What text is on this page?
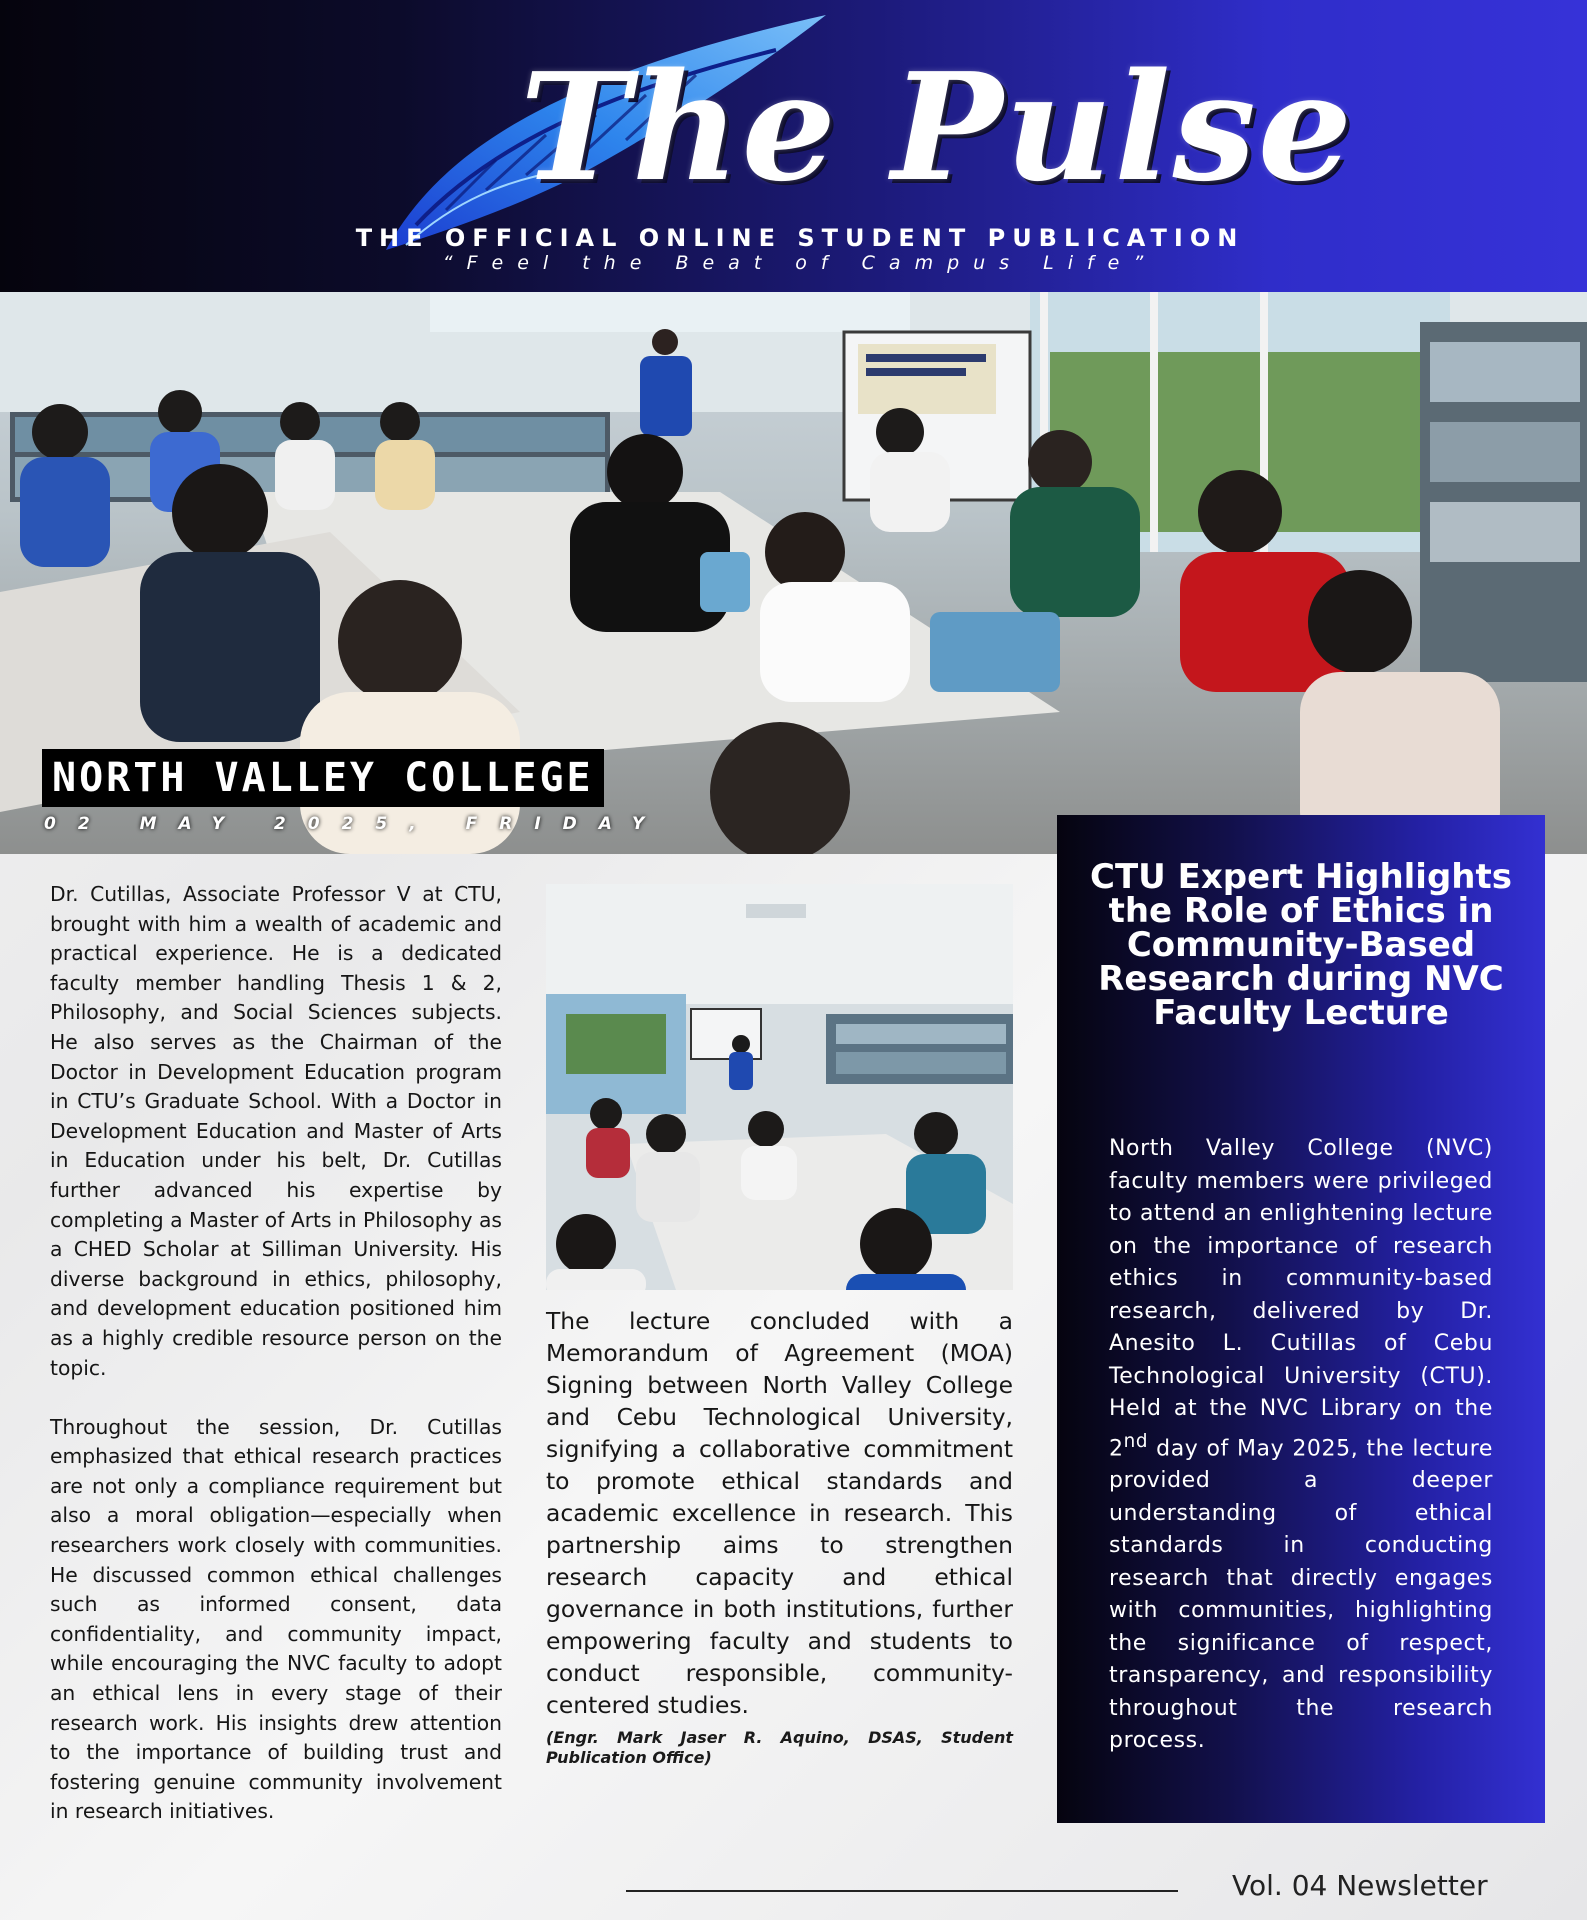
The Pulse
THE OFFICIAL ONLINE STUDENT PUBLICATION
“Feel the Beat of Campus Life”
NORTH VALLEY COLLEGE
02 MAY 2025, FRIDAY

Dr. Cutillas, Associate Professor V at CTU, brought with him a wealth of academic and practical experience. He is a dedicated faculty member handling Thesis 1 & 2, Philosophy, and Social Sciences subjects. He also serves as the Chairman of the Doctor in Development Education program in CTU’s Graduate School. With a Doctor in Development Education and Master of Arts in Education under his belt, Dr. Cutillas further advanced his expertise by completing a Master of Arts in Philosophy as a CHED Scholar at Silliman University. His diverse background in ethics, philosophy, and development education positioned him as a highly credible resource person on the topic.

Throughout the session, Dr. Cutillas emphasized that ethical research practices are not only a compliance requirement but also a moral obligation—especially when researchers work closely with communities. He discussed common ethical challenges such as informed consent, data confidentiality, and community impact, while encouraging the NVC faculty to adopt an ethical lens in every stage of their research work. His insights drew attention to the importance of building trust and fostering genuine community involvement in research initiatives.

The lecture concluded with a Memorandum of Agreement (MOA) Signing between North Valley College and Cebu Technological University, signifying a collaborative commitment to promote ethical standards and academic excellence in research. This partnership aims to strengthen research capacity and ethical governance in both institutions, further empowering faculty and students to conduct responsible, community-centered studies.

(Engr. Mark Jaser R. Aquino, DSAS, Student Publication Office)

CTU Expert Highlights the Role of Ethics in Community-Based Research during NVC Faculty Lecture

North Valley College (NVC) faculty members were privileged to attend an enlightening lecture on the importance of research ethics in community-based research, delivered by Dr. Anesito L. Cutillas of Cebu Technological University (CTU). Held at the NVC Library on the 2nd day of May 2025, the lecture provided a deeper understanding of ethical standards in conducting research that directly engages with communities, highlighting the significance of respect, transparency, and responsibility throughout the research process.

Vol. 04 Newsletter
